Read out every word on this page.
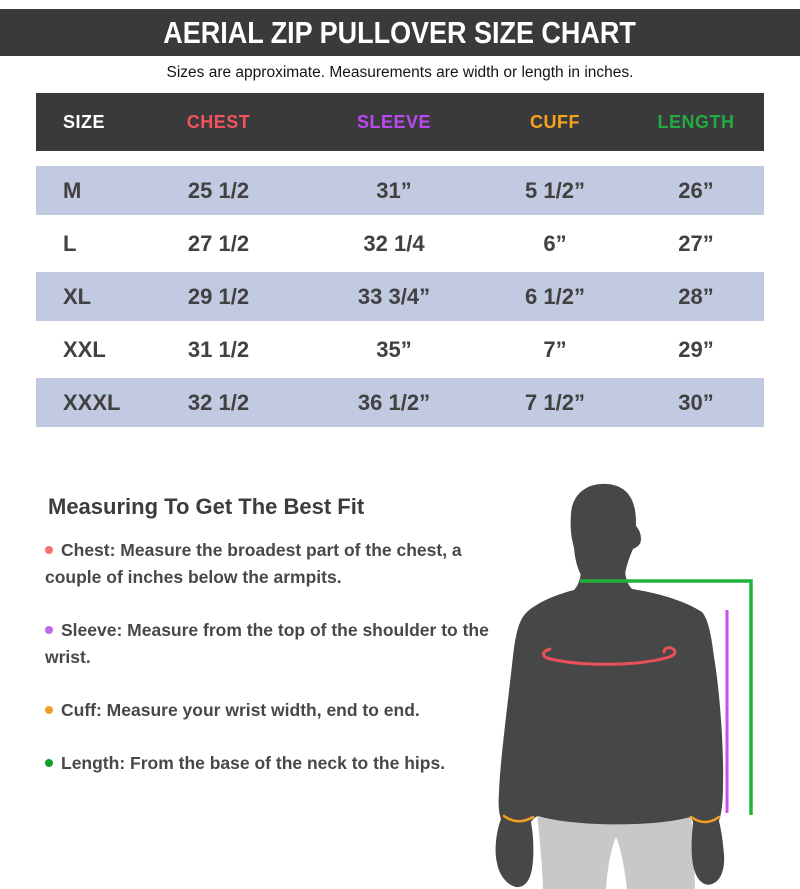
AERIAL ZIP PULLOVER SIZE CHART
Sizes are approximate. Measurements are width or length in inches.
SIZE	CHEST	SLEEVE	CUFF	LENGTH
M	25 1/2	31”	5 1/2”	26”
L	27 1/2	32 1/4	6”	27”
XL	29 1/2	33 3/4”	6 1/2”	28”
XXL	31 1/2	35”	7”	29”
XXXL	32 1/2	36 1/2”	7 1/2”	30”
Measuring To Get The Best Fit

Chest: Measure the broadest part of the chest, a couple of inches below the armpits.

Sleeve: Measure from the top of the shoulder to the wrist.

Cuff: Measure your wrist width, end to end.

Length: From the base of the neck to the hips.
